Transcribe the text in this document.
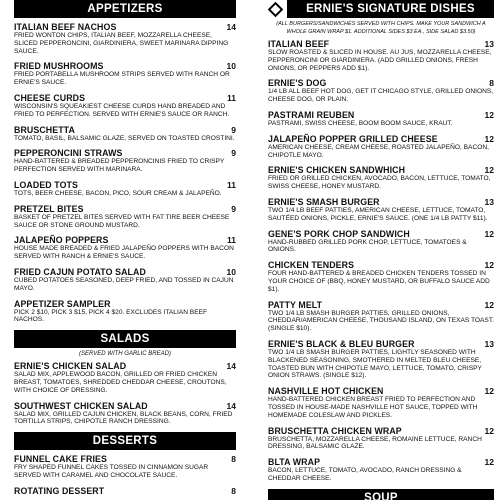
APPETIZERS
ITALIAN BEEF NACHOS	14
FRIED WONTON CHIPS, ITALIAN BEEF, MOZZARELLA CHEESE, SLICED PEPPERONCINI, GIARDINIERA, SWEET MARINARA DIPPING SAUCE.
FRIED MUSHROOMS	10
FRIED PORTABELLA MUSHROOM STRIPS SERVED WITH RANCH OR ERNIE'S SAUCE.
CHEESE CURDS	11
WISCONSIN'S SQUEAKIEST CHEESE CURDS HAND BREADED AND FRIED TO PERFECTION. SERVED WITH ERNIE'S SAUCE OR RANCH.
BRUSCHETTA	9
TOMATO, BASIL, BALSAMIC GLAZE, SERVED ON TOASTED CROSTINI.
PEPPERONCINI STRAWS	9
HAND-BATTERED & BREADED PEPPERONCINIS FRIED TO CRISPY PERFECTION SERVED WITH MARINARA.
LOADED TOTS	11
TOTS, BEER CHEESE, BACON, PICO, SOUR CREAM & JALAPEÑO.
PRETZEL BITES	9
BASKET OF PRETZEL BITES SERVED WITH FAT TIRE BEER CHEESE SAUCE OR STONE GROUND MUSTARD.
JALAPEÑO POPPERS	11
HOUSE MADE BREADED & FRIED JALAPEÑO POPPERS WITH BACON SERVED WITH RANCH & ERNIE'S SAUCE.
FRIED CAJUN POTATO SALAD	10
CUBED POTATOES SEASONED, DEEP FRIED, AND TOSSED IN CAJUN MAYO.
APPETIZER SAMPLER
PICK 2 $10, PICK 3 $15, PICK 4 $20. EXCLUDES ITALIAN BEEF NACHOS.
SALADS
(SERVED WITH GARLIC BREAD)
ERNIE'S CHICKEN SALAD	14
SALAD MIX, APPLEWOOD BACON, GRILLED OR FRIED CHICKEN BREAST, TOMATOES, SHREDDED CHEDDAR CHEESE, CROUTONS, WITH CHOICE OF DRESSING.
SOUTHWEST CHICKEN SALAD	14
SALAD MIX, GRILLED CAJUN CHICKEN, BLACK BEANS, CORN, FRIED TORTILLA STRIPS, CHIPOTLE RANCH DRESSING.
DESSERTS
FUNNEL CAKE FRIES	8
FRY SHAPED FUNNEL CAKES TOSSED IN CINNAMON SUGAR SERVED WITH CARAMEL AND CHOCOLATE SAUCE.
ROTATING DESSERT	8
ERNIE'S SIGNATURE DISHES
(ALL BURGERS/SANDWICHES SERVED WITH CHIPS. MAKE YOUR SANDWICH A WHOLE GRAIN WRAP $1. ADDITIONAL SIDES $3 EA., SIDE SALAD $3.50)
ITALIAN BEEF	13
SLOW ROASTED & SLICED IN HOUSE. AU JUS, MOZZARELLA CHEESE, PEPPERONCINI OR GIARDINIERA. (ADD GRILLED ONIONS, FRESH ONIONS, OR PEPPERS ADD $1).
ERNIE'S DOG	8
1/4 LB ALL BEEF HOT DOG, GET IT CHICAGO STYLE, GRILLED ONIONS, CHEESE DOG, OR PLAIN.
PASTRAMI REUBEN	12
PASTRAMI, SWISS CHEESE, BOOM BOOM SAUCE, KRAUT.
JALAPEÑO POPPER GRILLED CHEESE	12
AMERICAN CHEESE, CREAM CHEESE, ROASTED JALAPEÑO, BACON, CHIPOTLE MAYO.
ERNIE'S CHICKEN SANDWHICH	12
FRIED OR GRILLED CHICKEN, AVOCADO, BACON, LETTUCE, TOMATO, SWISS CHEESE, HONEY MUSTARD.
ERNIE'S SMASH BURGER	13
TWO 1/4 LB BEEF PATTIES, AMERICAN CHEESE, LETTUCE, TOMATO, SAUTÉED ONIONS, PICKLE, ERNIE'S SAUCE. (ONE 1/4 LB PATTY $11).
GENE'S PORK CHOP SANDWICH	12
HAND-RUBBED GRILLED PORK CHOP, LETTUCE, TOMATOES & ONIONS.
CHICKEN TENDERS	12
FOUR HAND-BATTERED & BREADED CHICKEN TENDERS TOSSED IN YOUR CHOICE OF (BBQ, HONEY MUSTARD, OR BUFFALO SAUCE ADD $1).
PATTY MELT	12
TWO 1/4 LB SMASH BURGER PATTIES, GRILLED ONIONS, CHEDDAR/AMERICAN CHEESE, THOUSAND ISLAND, ON TEXAS TOAST. (SINGLE $10).
ERNIE'S BLACK & BLEU BURGER	13
TWO 1/4 LB SMASH BURGER PATTIES, LIGHTLY SEASONED WITH BLACKENED SEASONING, SMOTHERED IN MELTED BLEU CHEESE, TOASTED BUN WITH CHIPOTLE MAYO, LETTUCE, TOMATO, CRISPY ONION STRAWS. (SINGLE $12).
NASHVILLE HOT CHICKEN	12
HAND-BATTERED CHICKEN BREAST FRIED TO PERFECTION AND TOSSED IN HOUSE-MADE NASHVILLE HOT SAUCE, TOPPED WITH HOMEMADE COLESLAW AND PICKLES.
BRUSCHETTA CHICKEN WRAP	12
BRUSCHETTA, MOZZARELLA CHEESE, ROMAINE LETTUCE, RANCH DRESSING, BALSAMIC GLAZE.
BLTA WRAP	12
BACON, LETTUCE, TOMATO, AVOCADO, RANCH DRESSING & CHEDDAR CHEESE.
SOUP
